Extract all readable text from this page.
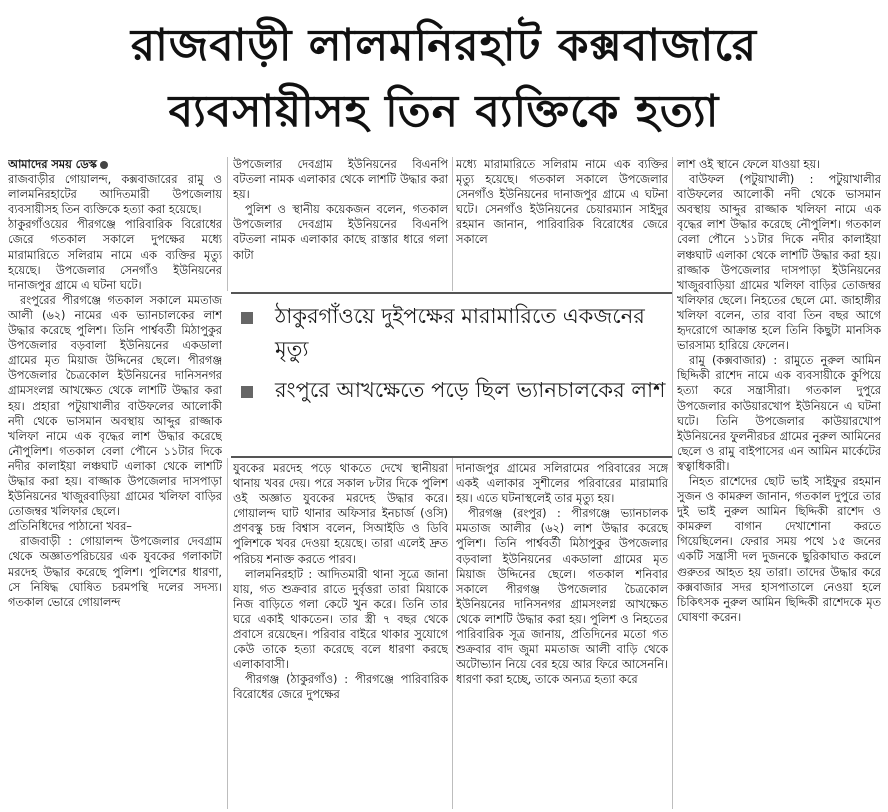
রাজবাড়ী লালমনিরহাট কক্সবাজারে
ব্যবসায়ীসহ তিন ব্যক্তিকে হত্যা

আমাদের সময় ডেস্ক

রাজবাড়ীর গোয়ালন্দ, কক্সবাজারের রামু ও লালমনিরহাটের আদিতমারী উপজেলায় ব্যবসায়ীসহ তিন ব্যক্তিকে হত্যা করা হয়েছে।

ঠাকুরগাঁওয়ের পীরগঞ্জে পারিবারিক বিরোধের জেরে গতকাল সকালে দুপক্ষের মধ্যে মারামারিতে সলিরাম নামে এক ব্যক্তির মৃত্যু হয়েছে। উপজেলার সেনগাঁও ইউনিয়নের দানাজপুর গ্রামে এ ঘটনা ঘটে।

রংপুরের পীরগঞ্জে গতকাল সকালে মমতাজ আলী (৬২) নামের এক ভ্যানচালকের লাশ উদ্ধার করেছে পুলিশ। তিনি পার্শ্ববর্তী মিঠাপুকুর উপজেলার বড়বালা ইউনিয়নের একডালা গ্রামের মৃত মিয়াজ উদ্দিনের ছেলে। পীরগঞ্জ উপজেলার চৈত্রকোল ইউনিয়নের দানিসনগর গ্রামসংলগ্ন আখক্ষেত থেকে লাশটি উদ্ধার করা হয়। প্রহারা পটুয়াখালীর বাউফলের আলোকী নদী থেকে ভাসমান অবস্থায় আব্দুর রাজ্জাক খলিফা নামে এক বৃদ্ধের লাশ উদ্ধার করেছে নৌপুলিশ। গতকাল বেলা পৌনে ১১টার দিকে নদীর কালাইয়া লঞ্চঘাট এলাকা থেকে লাশটি উদ্ধার করা হয়। বাজ্জাক উপজেলার দাসপাড়া ইউনিয়নের খাজুরবাড়িয়া গ্রামের খলিফা বাড়ির তোজম্বর খলিফার ছেলে।

প্রতিনিধিদের পাঠানো খবর–

রাজবাড়ী : গোয়ালন্দ উপজেলার দেবগ্রাম থেকে অজ্ঞাতপরিচয়ের এক যুবকের গলাকাটা মরদেহ উদ্ধার করেছে পুলিশ। পুলিশের ধারণা, সে নিষিদ্ধ ঘোষিত চরমপন্থি দলের সদস্য। গতকাল ভোরে গোয়ালন্দ

উপজেলার দেবগ্রাম ইউনিয়নের বিএনপি বটতলা নামক এলাকার থেকে লাশটি উদ্ধার করা হয়।

পুলিশ ও স্থানীয় কয়েকজন বলেন, গতকাল উপজেলার দেবগ্রাম ইউনিয়নের বিএনপি বটতলা নামক এলাকার কাছে রাস্তার ধারে গলা কাটা

মধ্যে মারামারিতে সলিরাম নামে এক ব্যক্তির মৃত্যু হয়েছে। গতকাল সকালে উপজেলার সেনগাঁও ইউনিয়নের দানাজপুর গ্রামে এ ঘটনা ঘটে। সেনগাঁও ইউনিয়নের চেয়ারম্যান সাইদুর রহমান জানান, পারিবারিক বিরোধের জেরে সকালে

ঠাকুরগাঁওয়ে দুইপক্ষের মারামারিতে একজনের মৃত্যু
রংপুরে আখক্ষেতে পড়ে ছিল ভ্যানচালকের লাশ

যুবকের মরদেহ পড়ে থাকতে দেখে স্থানীয়রা থানায় খবর দেয়। পরে সকাল ৮টার দিকে পুলিশ ওই অজ্ঞাত যুবকের মরদেহ উদ্ধার করে। গোয়ালন্দ ঘাট থানার অফিসার ইনচার্জ (ওসি) প্রণবস্কু চন্দ্র বিশ্বাস বলেন, সিআইডি ও ডিবি পুলিশকে খবর দেওয়া হয়েছে। তারা এলেই দ্রুত পরিচয় শনাক্ত করতে পারব।

লালমনিরহাট : আদিতমারী থানা সূত্রে জানা যায়, গত শুক্রবার রাতে দুর্বৃত্তরা তারা মিয়াকে নিজ বাড়িতে গলা কেটে খুন করে। তিনি তার ঘরে একাই থাকতেন। তার স্ত্রী ৭ বছর থেকে প্রবাসে রয়েছেন। পরিবার বাইরে থাকার সুযোগে কেউ তাকে হত্যা করেছে বলে ধারণা করছে এলাকাবাসী।

পীরগঞ্জ (ঠাকুরগাঁও) : পীরগঞ্জে পারিবারিক বিরোধের জেরে দুপক্ষের

দানাজপুর গ্রামের সলিরামের পরিবারের সঙ্গে একই এলাকার সুশীলের পরিবারের মারামারি হয়। এতে ঘটনাস্থলেই তার মৃত্যু হয়।

পীরগঞ্জ (রংপুর) : পীরগঞ্জে ভ্যানচালক মমতাজ আলীর (৬২) লাশ উদ্ধার করেছে পুলিশ। তিনি পার্শ্ববর্তী মিঠাপুকুর উপজেলার বড়বালা ইউনিয়নের একডালা গ্রামের মৃত মিয়াজ উদ্দিনের ছেলে। গতকাল শনিবার সকালে পীরগঞ্জ উপজেলার চৈত্রকোল ইউনিয়নের দানিসনগর গ্রামসংলগ্ন আখক্ষেত থেকে লাশটি উদ্ধার করা হয়। পুলিশ ও নিহতের পারিবারিক সূত্র জানায়, প্রতিদিনের মতো গত শুক্রবার বাদ জুমা মমতাজ আলী বাড়ি থেকে অটোভ্যান নিয়ে বের হয়ে আর ফিরে আসেননি। ধারণা করা হচ্ছে, তাকে অন্যত্র হত্যা করে

লাশ ওই স্থানে ফেলে যাওয়া হয়।

বাউফল (পটুয়াখালী) : পটুয়াখালীর বাউফলের আলোকী নদী থেকে ভাসমান অবস্থায় আব্দুর রাজ্জাক খলিফা নামে এক বৃদ্ধের লাশ উদ্ধার করেছে নৌপুলিশ। গতকাল বেলা পৌনে ১১টার দিকে নদীর কালাইয়া লঞ্চঘাট এলাকা থেকে লাশটি উদ্ধার করা হয়। রাজ্জাক উপজেলার দাসপাড়া ইউনিয়নের খাজুরবাড়িয়া গ্রামের খলিফা বাড়ির তোজম্বর খলিফার ছেলে। নিহতের ছেলে মো. জাহাঙ্গীর খলিফা বলেন, তার বাবা তিন বছর আগে হৃদরোগে আক্রান্ত হলে তিনি কিছুটা মানসিক ভারসাম্য হারিয়ে ফেলেন।

রামু (কক্সবাজার) : রামুতে নুরুল আমিন ছিদ্দিকী রাশেদ নামে এক ব্যবসায়ীকে কুপিয়ে হত্যা করে সন্ত্রাসীরা। গতকাল দুপুরে উপজেলার কাউয়ারখোপ ইউনিয়নে এ ঘটনা ঘটে। তিনি উপজেলার কাউয়ারখোপ ইউনিয়নের ফুলনীরচর গ্রামের নুরুল আমিনের ছেলে ও রামু বাইপাসের এন আমিন মার্কেটের স্বত্বাধিকারী।

নিহত রাশেদের ছোট ভাই সাইফুর রহমান সুজন ও কামরুল জানান, গতকাল দুপুরে তার দুই ভাই নুরুল আমিন ছিদ্দিকী রাশেদ ও কামরুল বাগান দেখাশোনা করতে গিয়েছিলেন। ফেরার সময় পথে ১৫ জনের একটি সন্ত্রাসী দল দুজনকে ছুরিকাঘাত করলে গুরুতর আহত হয় তারা। তাদের উদ্ধার করে কক্সবাজার সদর হাসপাতালে নেওয়া হলে চিকিৎসক নুরুল আমিন ছিদ্দিকী রাশেদকে মৃত ঘোষণা করেন।
